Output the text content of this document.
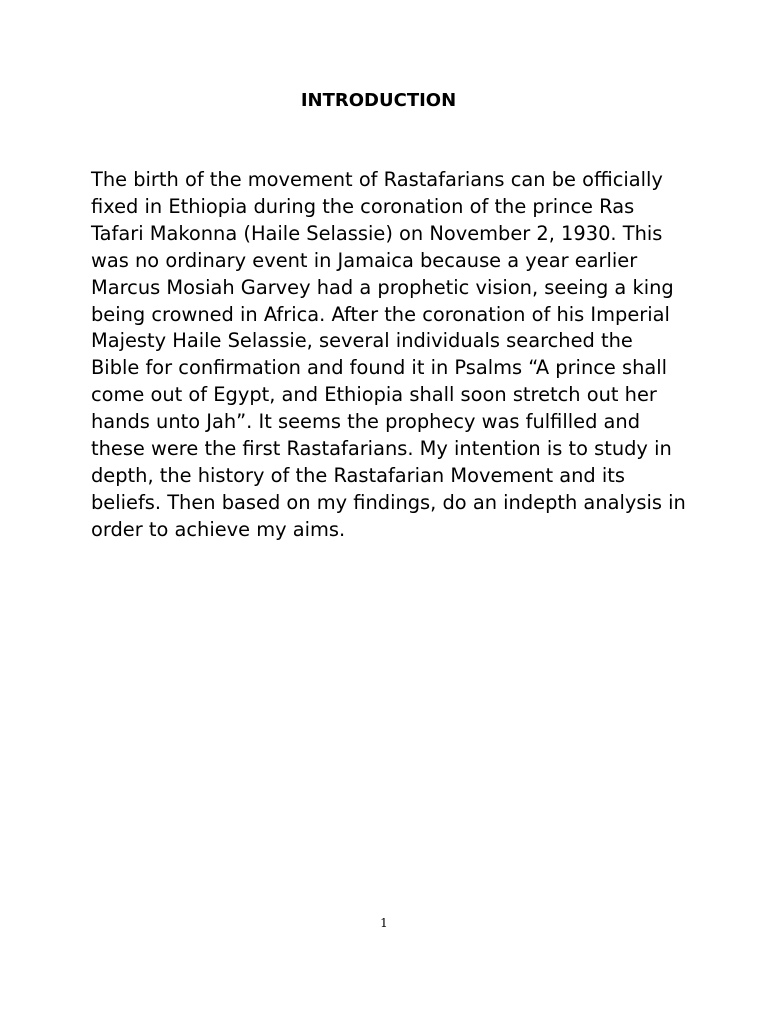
INTRODUCTION

The birth of the movement of Rastafarians can be officially fixed in Ethiopia during the coronation of the prince Ras Tafari Makonna (Haile Selassie) on November 2, 1930. This was no ordinary event in Jamaica because a year earlier Marcus Mosiah Garvey had a prophetic vision, seeing a king being crowned in Africa. After the coronation of his Imperial Majesty Haile Selassie, several individuals searched the Bible for confirmation and found it in Psalms “A prince shall come out of Egypt, and Ethiopia shall soon stretch out her hands unto Jah”. It seems the prophecy was fulfilled and these were the first Rastafarians. My intention is to study in depth, the history of the Rastafarian Movement and its beliefs. Then based on my findings, do an indepth analysis in order to achieve my aims.

1
